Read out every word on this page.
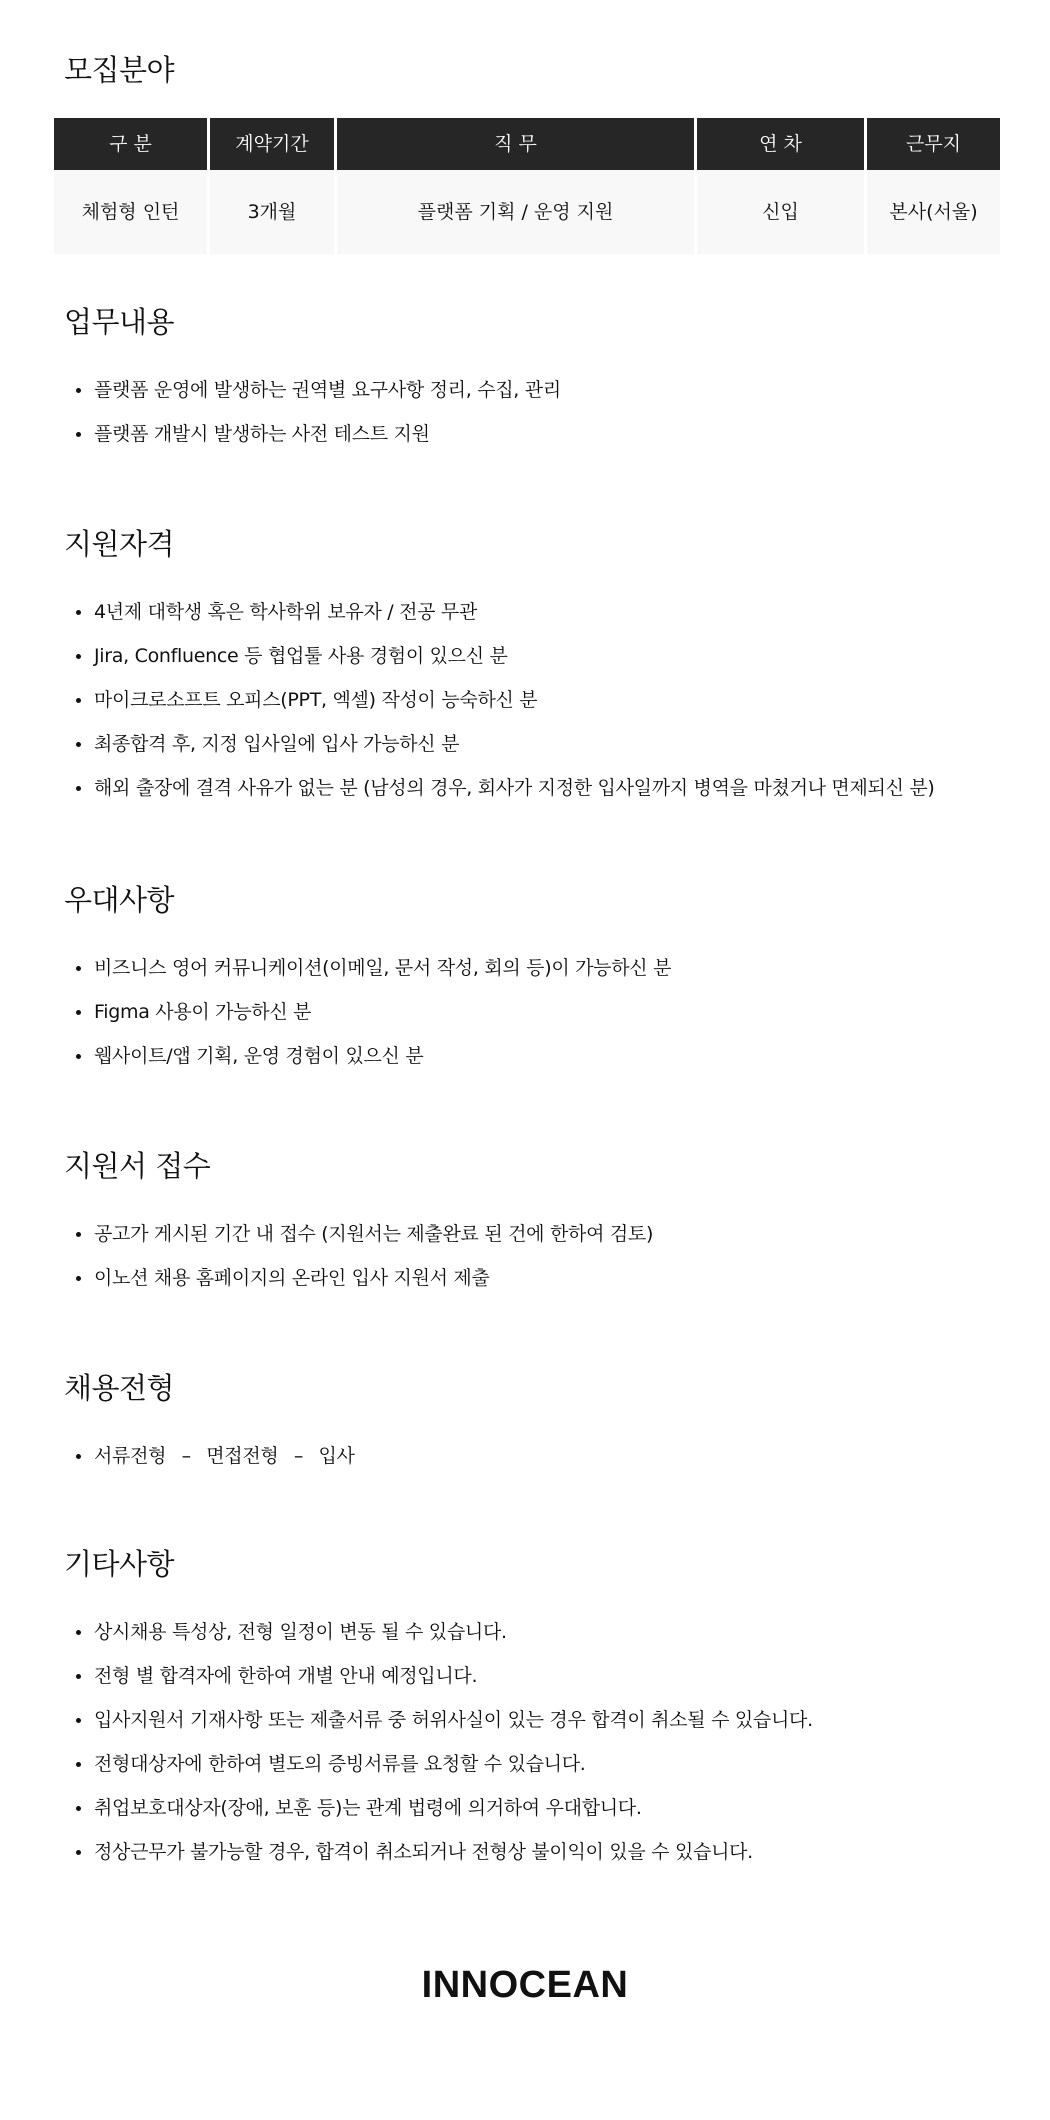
모집분야
구 분	계약기간	직 무	연 차	근무지
체험형 인턴	3개월	플랫폼 기획 / 운영 지원	신입	본사(서울)
업무내용
플랫폼 운영에 발생하는 권역별 요구사항 정리, 수집, 관리
플랫폼 개발시 발생하는 사전 테스트 지원
지원자격
4년제 대학생 혹은 학사학위 보유자 / 전공 무관
Jira, Confluence 등 협업툴 사용 경험이 있으신 분
마이크로소프트 오피스(PPT, 엑셀) 작성이 능숙하신 분
최종합격 후, 지정 입사일에 입사 가능하신 분
해외 출장에 결격 사유가 없는 분 (남성의 경우, 회사가 지정한 입사일까지 병역을 마쳤거나 면제되신 분)
우대사항
비즈니스 영어 커뮤니케이션(이메일, 문서 작성, 회의 등)이 가능하신 분
Figma 사용이 가능하신 분
웹사이트/앱 기획, 운영 경험이 있으신 분
지원서 접수
공고가 게시된 기간 내 접수 (지원서는 제출완료 된 건에 한하여 검토)
이노션 채용 홈페이지의 온라인 입사 지원서 제출
채용전형
서류전형 – 면접전형 – 입사
기타사항
상시채용 특성상, 전형 일정이 변동 될 수 있습니다.
전형 별 합격자에 한하여 개별 안내 예정입니다.
입사지원서 기재사항 또는 제출서류 중 허위사실이 있는 경우 합격이 취소될 수 있습니다.
전형대상자에 한하여 별도의 증빙서류를 요청할 수 있습니다.
취업보호대상자(장애, 보훈 등)는 관계 법령에 의거하여 우대합니다.
정상근무가 불가능할 경우, 합격이 취소되거나 전형상 불이익이 있을 수 있습니다.
INNOCEAN
